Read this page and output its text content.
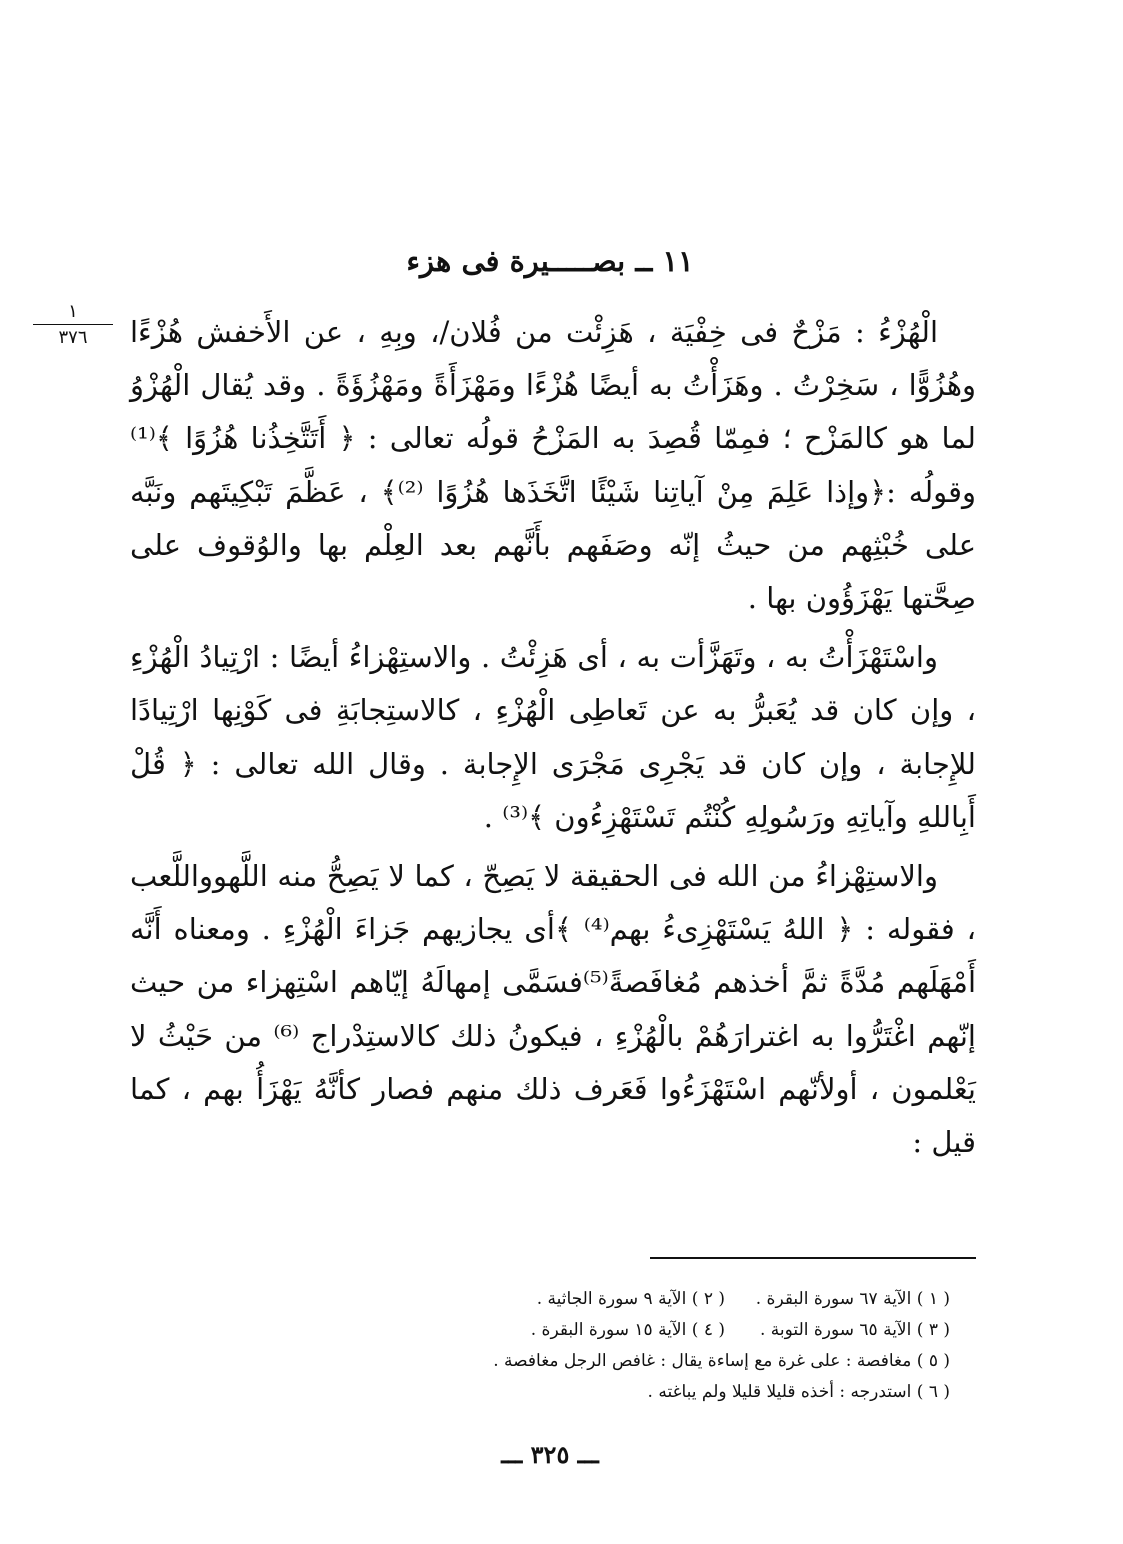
١١ ــ بصـــــيرة فى هزء
١
٣٧٦	الْهُزْءُ : مَزْحٌ فى خِفْيَة ، هَزِئْت من فُلان/، وبِهِ ، عن الأَخفش هُزْءًا وهُزُوًّا ، سَخِرْتُ . وهَزَأْتُ به أيضًا هُزْءًا ومَهْزَأَةً ومَهْزُؤَةً . وقد يُقال الْهُزْوُ لما هو كالمَزْح ؛ فمِمّا قُصِدَ به المَزْحُ قولُه تعالى : ﴿ أَتَتَّخِذُنا هُزُوًا ﴾⁽¹⁾ وقولُه :﴿وإذا عَلِمَ مِنْ آياتِنا شَيْئًا اتَّخَذَها هُزُوًا ⁽²⁾﴾ ، عَظَّمَ تَبْكِيتَهم ونَبَّه على خُبْثِهم من حيثُ إنّه وصَفَهم بأَنَّهم بعد العِلْم بها والوُقوف على صِحَّتها يَهْزَؤُون بها .

واسْتَهْزَأْتُ به ، وتَهَزَّأت به ، أى هَزِئْتُ . والاستِهْزاءُ أيضًا : ارْتِيادُ الْهُزْءِ ، وإن كان قد يُعَبرُّ به عن تَعاطِى الْهُزْءِ ، كالاستِجابَةِ فى كَوْنِها ارْتِيادًا للإِجابة ، وإن كان قد يَجْرِى مَجْرَى الإِجابة . وقال الله تعالى : ﴿ قُلْ أَبِاللهِ وآياتِهِ ورَسُولِهِ كُنْتُم تَسْتَهْزِءُون ﴾⁽³⁾ .

والاستِهْزاءُ من الله فى الحقيقة لا يَصِحّ ، كما لا يَصِحُّ منه اللَّهوواللَّعب ، فقوله : ﴿ اللهُ يَسْتَهْزِىءُ بهم⁽⁴⁾ ﴾أى يجازيهم جَزاءَ الْهُزْءِ . ومعناه أَنَّه أَمْهَلَهم مُدَّةً ثمَّ أخذهم مُغافَصةً⁽⁵⁾فسَمَّى إمهالَهُ إيّاهم اسْتِهزاء من حيث إنّهم اغْتَرُّوا به اغترارَهُمْ بالْهُزْءِ ، فيكونُ ذلك كالاستِدْراج ⁽⁶⁾ من حَيْثُ لا يَعْلمون ، أولأنّهم اسْتَهْزَءُوا فَعَرف ذلك منهم فصار كأنَّهُ يَهْزَأُ بهم ، كما قيل :

( ١ ) الآية ٦٧ سورة البقرة .
( ٢ ) الآية ٩ سورة الجاثية .
( ٣ ) الآية ٦٥ سورة التوبة .
( ٤ ) الآية ١٥ سورة البقرة .
( ٥ ) مغافصة : على غرة مع إساءة يقال : غافص الرجل مغافصة .
( ٦ ) استدرجه : أخذه قليلا قليلا ولم يباغته .
ـــ ٣٢٥ ـــ
